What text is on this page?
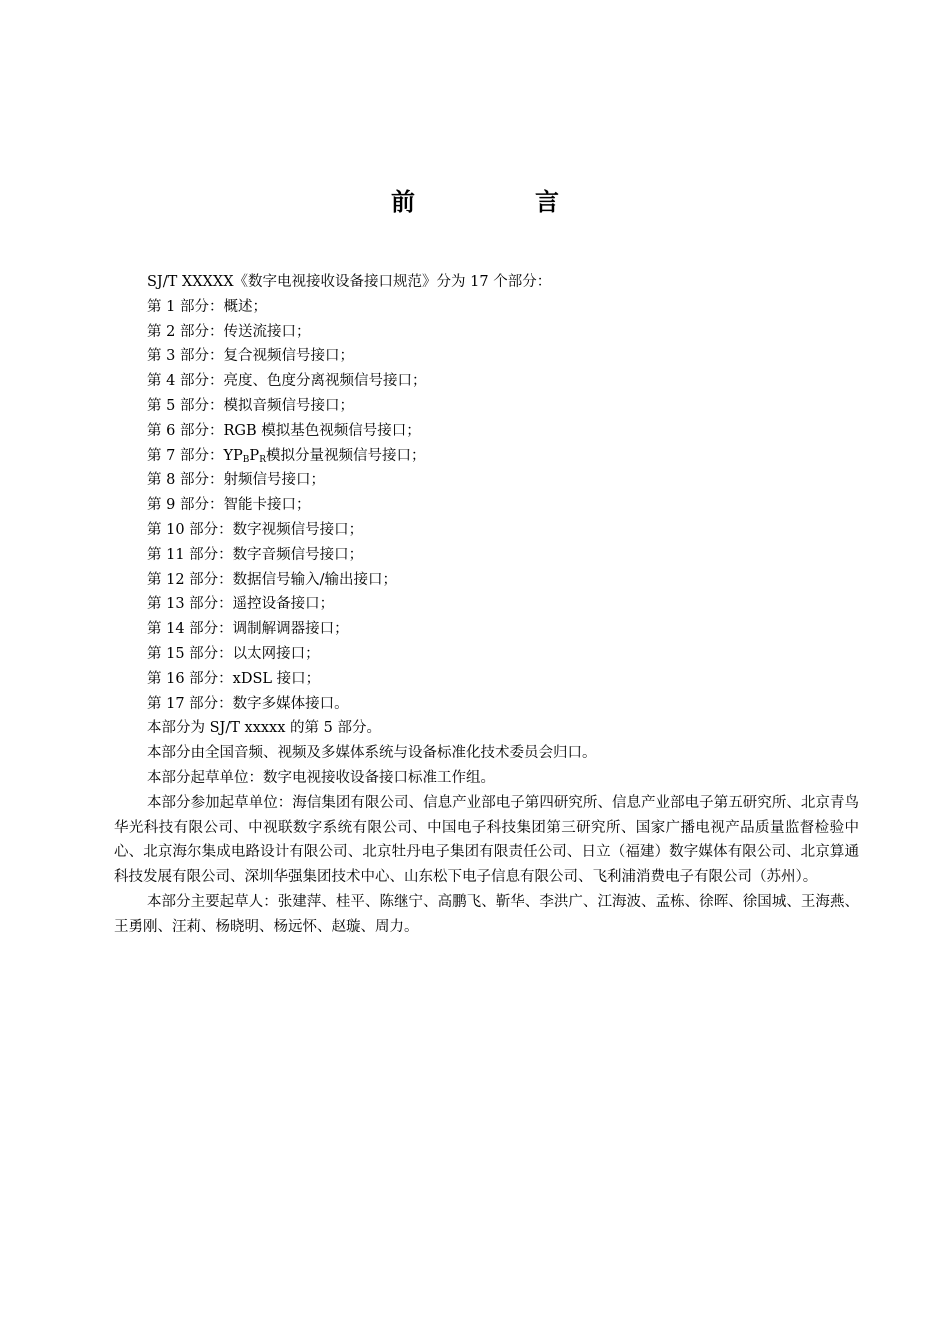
前　言

SJ/T XXXXX《数字电视接收设备接口规范》分为 17 个部分：

第 1 部分：概述；

第 2 部分：传送流接口；

第 3 部分：复合视频信号接口；

第 4 部分：亮度、色度分离视频信号接口；

第 5 部分：模拟音频信号接口；

第 6 部分：RGB 模拟基色视频信号接口；

第 7 部分：$YP_BP_R$模拟分量视频信号接口；

第 8 部分：射频信号接口；

第 9 部分：智能卡接口；

第 10 部分：数字视频信号接口；

第 11 部分：数字音频信号接口；

第 12 部分：数据信号输入/输出接口；

第 13 部分：遥控设备接口；

第 14 部分：调制解调器接口；

第 15 部分：以太网接口；

第 16 部分：xDSL 接口；

第 17 部分：数字多媒体接口。

本部分为 SJ/T xxxxx 的第 5 部分。

本部分由全国音频、视频及多媒体系统与设备标准化技术委员会归口。

本部分起草单位：数字电视接收设备接口标准工作组。

本部分参加起草单位：海信集团有限公司、信息产业部电子第四研究所、信息产业部电子第五研究所、北京青鸟华光科技有限公司、中视联数字系统有限公司、中国电子科技集团第三研究所、国家广播电视产品质量监督检验中心、北京海尔集成电路设计有限公司、北京牡丹电子集团有限责任公司、日立（福建）数字媒体有限公司、北京算通科技发展有限公司、深圳华强集团技术中心、山东松下电子信息有限公司、飞利浦消费电子有限公司（苏州）。

本部分主要起草人：张建萍、桂平、陈继宁、高鹏飞、靳华、李洪广、江海波、孟栋、徐晖、徐国城、王海燕、王勇刚、汪莉、杨晓明、杨远怀、赵璇、周力。
